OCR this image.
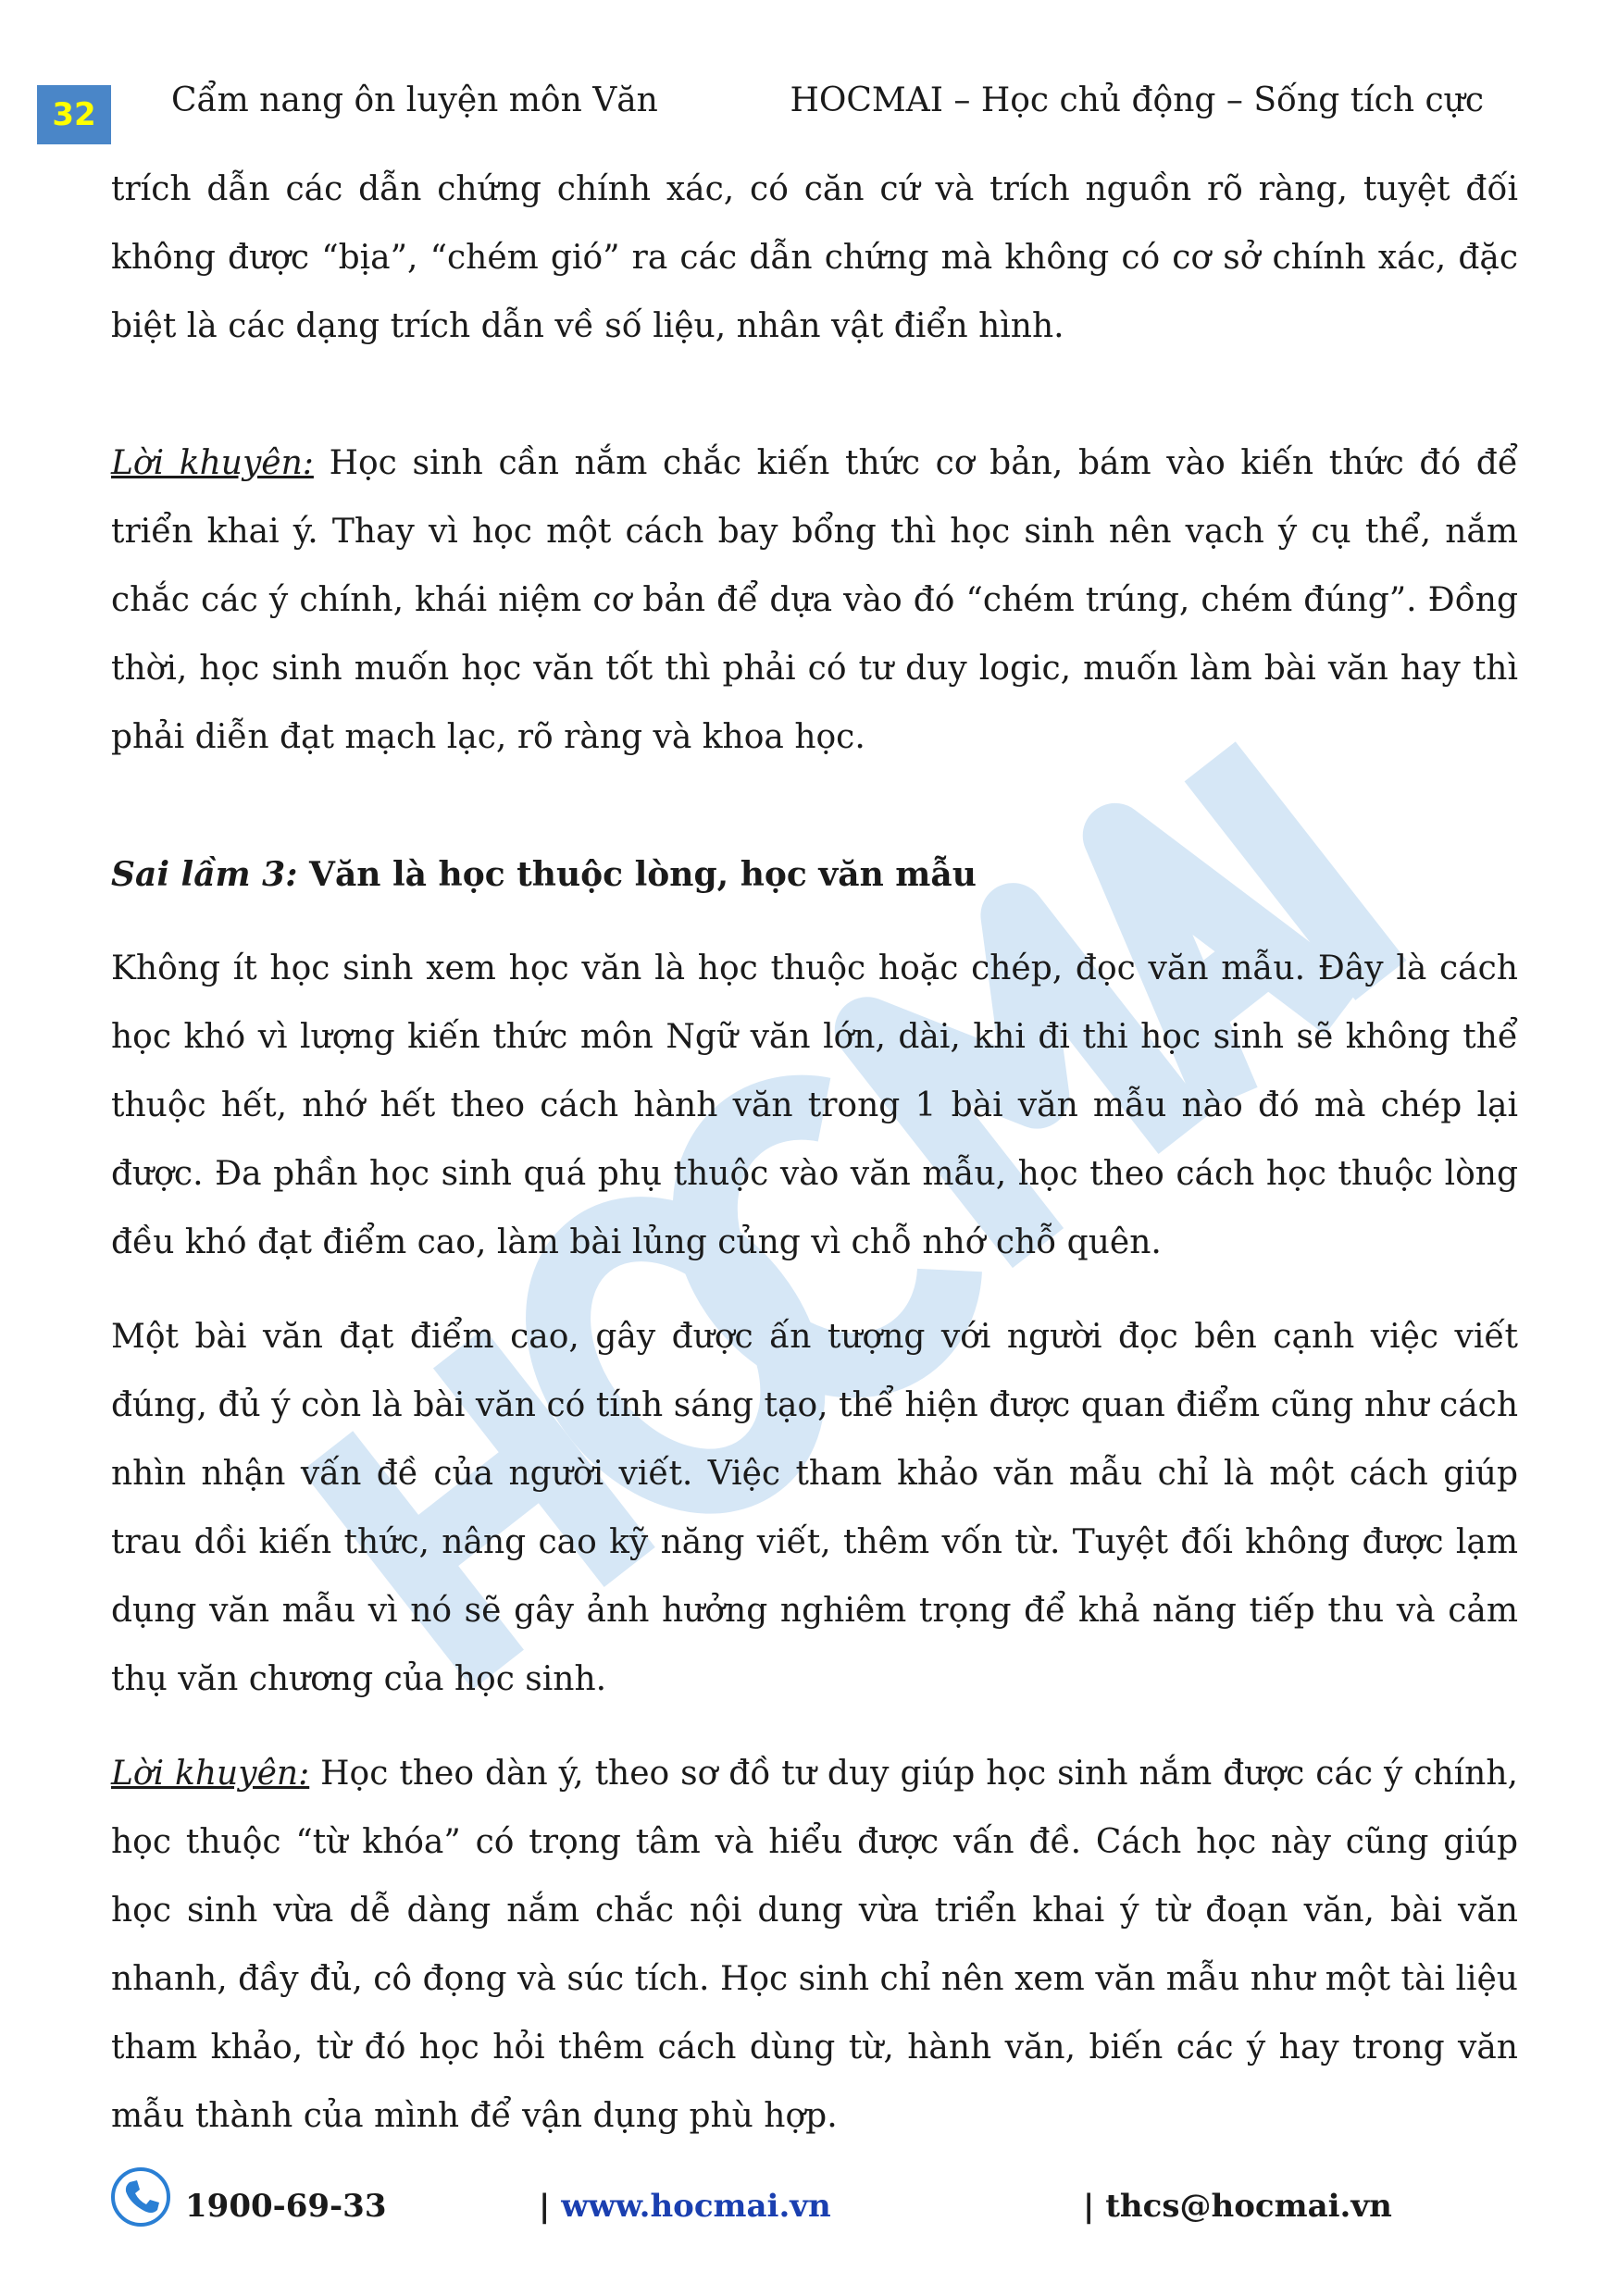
32	Cẩm nang ôn luyện môn Văn	HOCMAI – Học chủ động – Sống tích cực

trích dẫn các dẫn chứng chính xác, có căn cứ và trích nguồn rõ ràng, tuyệt đối không được “bịa”, “chém gió” ra các dẫn chứng mà không có cơ sở chính xác, đặc biệt là các dạng trích dẫn về số liệu, nhân vật điển hình.

Lời khuyên: Học sinh cần nắm chắc kiến thức cơ bản, bám vào kiến thức đó để triển khai ý. Thay vì học một cách bay bổng thì học sinh nên vạch ý cụ thể, nắm chắc các ý chính, khái niệm cơ bản để dựa vào đó “chém trúng, chém đúng”. Đồng thời, học sinh muốn học văn tốt thì phải có tư duy logic, muốn làm bài văn hay thì phải diễn đạt mạch lạc, rõ ràng và khoa học.

Sai lầm 3: Văn là học thuộc lòng, học văn mẫu

Không ít học sinh xem học văn là học thuộc hoặc chép, đọc văn mẫu. Đây là cách học khó vì lượng kiến thức môn Ngữ văn lớn, dài, khi đi thi học sinh sẽ không thể thuộc hết, nhớ hết theo cách hành văn trong 1 bài văn mẫu nào đó mà chép lại được. Đa phần học sinh quá phụ thuộc vào văn mẫu, học theo cách học thuộc lòng đều khó đạt điểm cao, làm bài lủng củng vì chỗ nhớ chỗ quên.

Một bài văn đạt điểm cao, gây được ấn tượng với người đọc bên cạnh việc viết đúng, đủ ý còn là bài văn có tính sáng tạo, thể hiện được quan điểm cũng như cách nhìn nhận vấn đề của người viết. Việc tham khảo văn mẫu chỉ là một cách giúp trau dồi kiến thức, nâng cao kỹ năng viết, thêm vốn từ. Tuyệt đối không được lạm dụng văn mẫu vì nó sẽ gây ảnh hưởng nghiêm trọng để khả năng tiếp thu và cảm thụ văn chương của học sinh.

Lời khuyên: Học theo dàn ý, theo sơ đồ tư duy giúp học sinh nắm được các ý chính, học thuộc “từ khóa” có trọng tâm và hiểu được vấn đề. Cách học này cũng giúp học sinh vừa dễ dàng nắm chắc nội dung vừa triển khai ý từ đoạn văn, bài văn nhanh, đầy đủ, cô đọng và súc tích. Học sinh chỉ nên xem văn mẫu như một tài liệu tham khảo, từ đó học hỏi thêm cách dùng từ, hành văn, biến các ý hay trong văn mẫu thành của mình để vận dụng phù hợp.

1900-69-33	| www.hocmai.vn	| thcs@hocmai.vn
